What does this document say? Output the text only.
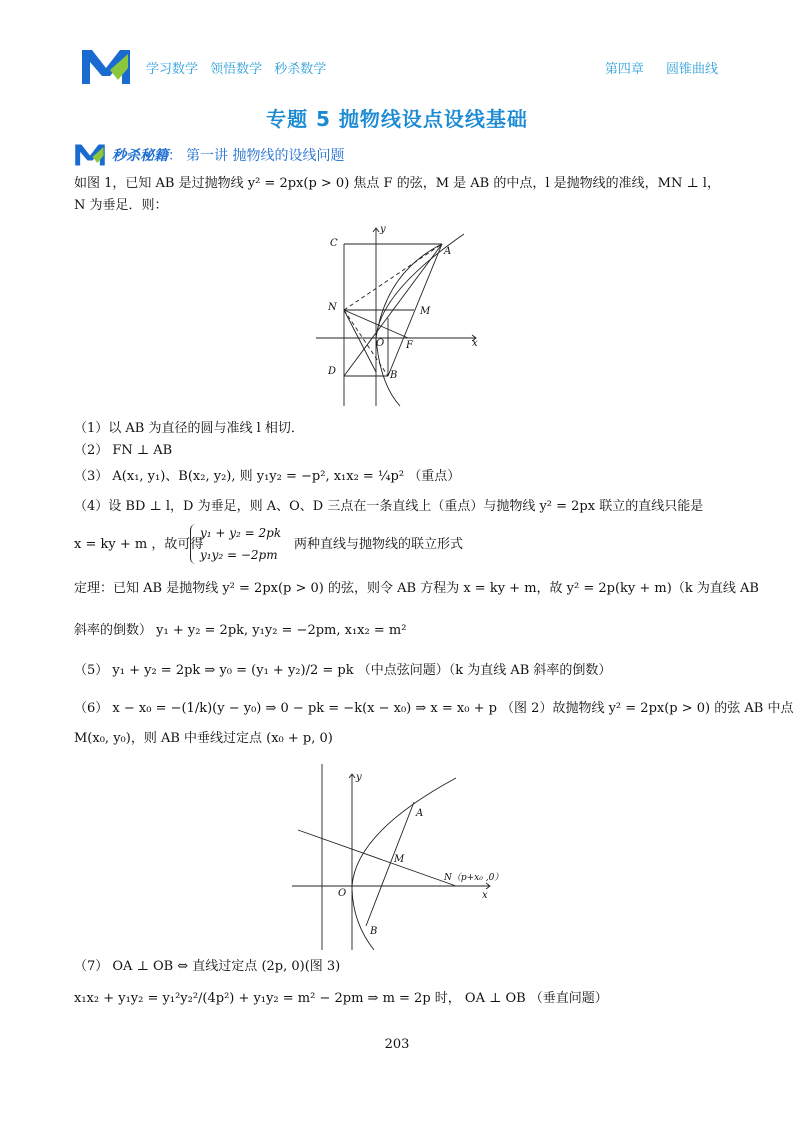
学习数学 领悟数学 秒杀数学	第四章 圆锥曲线
专题 5 抛物线设点设线基础
秒杀秘籍 ： 第一讲 抛物线的设线问题
如图 1，已知 AB 是过抛物线 y² = 2px(p > 0) 焦点 F 的弦，M 是 AB 的中点，l 是抛物线的准线，MN ⊥ l，
N 为垂足．则：
C
y
A
N	M
O F	x
D	B
（1）以 AB 为直径的圆与准线 l 相切．
（2） FN ⊥ AB
（3） A(x₁, y₁)、B(x₂, y₂), 则 y₁y₂ = −p², x₁x₂ = ¼p² （重点）
（4）设 BD ⊥ l，D 为垂足，则 A、O、D 三点在一条直线上（重点）与抛物线 y² = 2px 联立的直线只能是
x = ky + m ，故可得
y₁ + y₂ = 2pk
y₁y₂ = −2pm
两种直线与抛物线的联立形式
定理：已知 AB 是抛物线 y² = 2px(p > 0) 的弦，则令 AB 方程为 x = ky + m，故 y² = 2p(ky + m)（k 为直线 AB
斜率的倒数） y₁ + y₂ = 2pk, y₁y₂ = −2pm, x₁x₂ = m²
（5） y₁ + y₂ = 2pk ⇒ y₀ = (y₁ + y₂)/2 = pk （中点弦问题）（k 为直线 AB 斜率的倒数）
（6） x − x₀ = −(1/k)(y − y₀) ⇒ 0 − pk = −k(x − x₀) ⇒ x = x₀ + p （图 2）故抛物线 y² = 2px(p > 0) 的弦 AB 中点
M(x₀, y₀)，则 AB 中垂线过定点 (x₀ + p, 0)
y
A
M
N（p+x₀ ,0）
O	x
B
（7） OA ⊥ OB ⇔ 直线过定点 (2p, 0)(图 3)
x₁x₂ + y₁y₂ = y₁²y₂²/(4p²) + y₁y₂ = m² − 2pm ⇒ m = 2p 时， OA ⊥ OB （垂直问题）
203
